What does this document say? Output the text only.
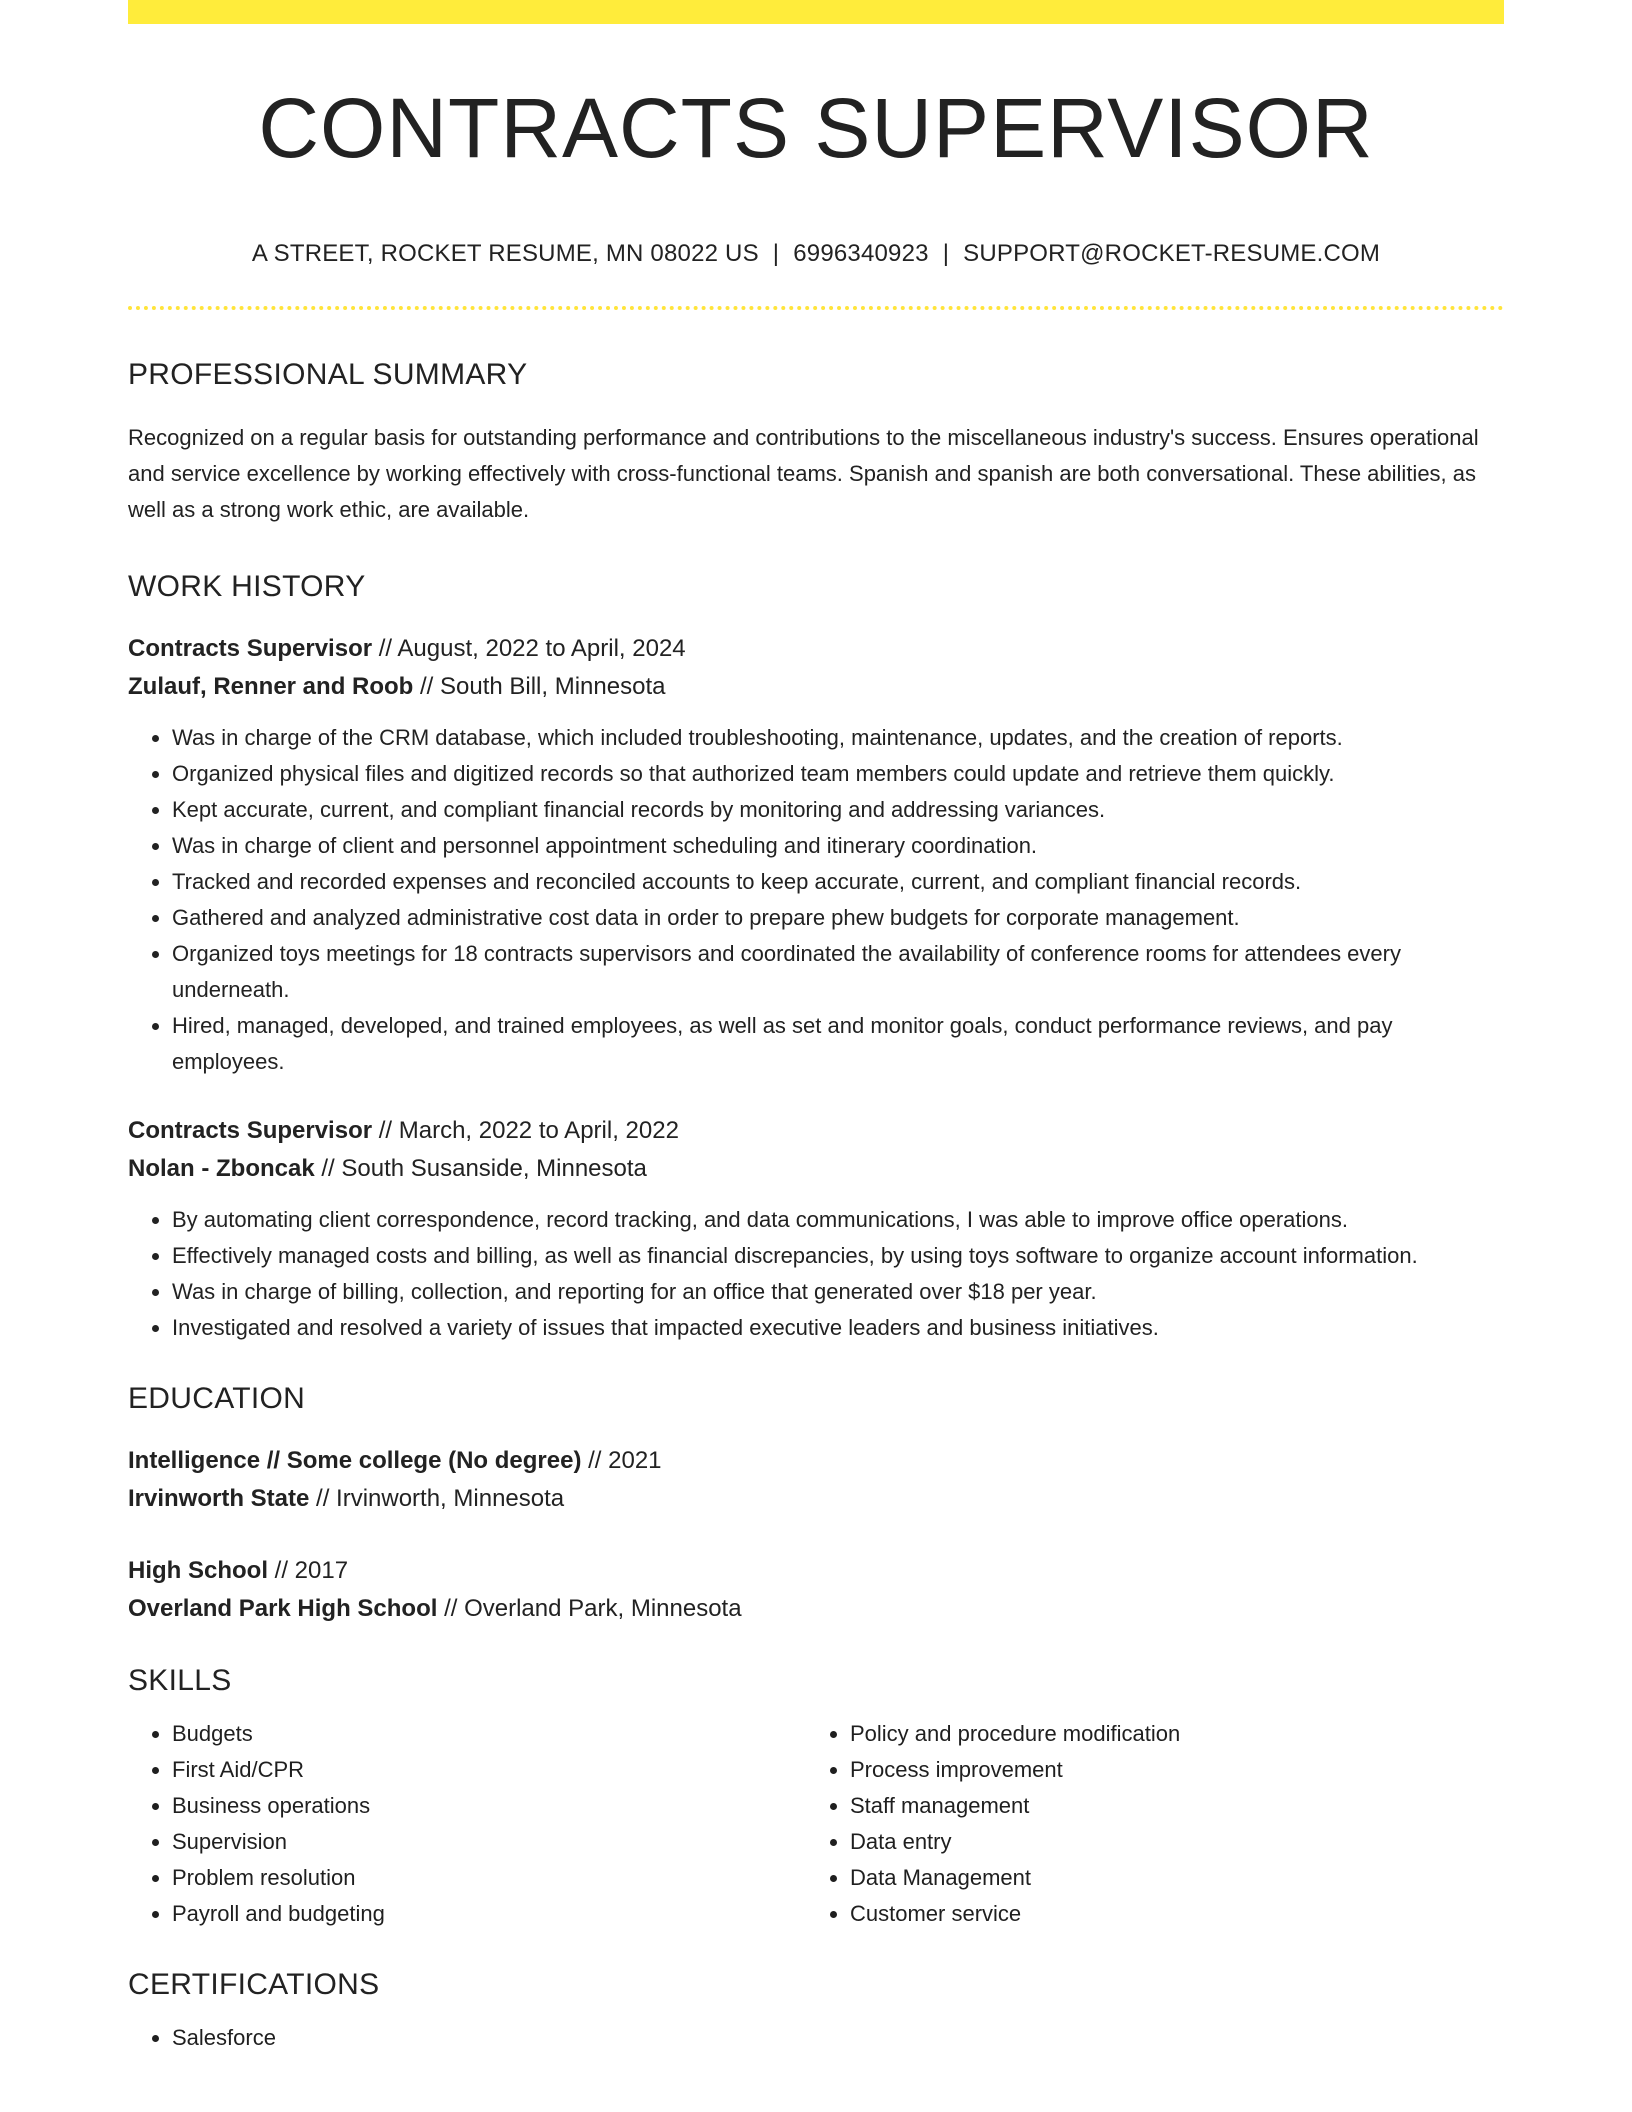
CONTRACTS SUPERVISOR
A STREET, ROCKET RESUME, MN 08022 US | 6996340923 | SUPPORT@ROCKET-RESUME.COM
PROFESSIONAL SUMMARY
Recognized on a regular basis for outstanding performance and contributions to the miscellaneous industry's success. Ensures operational and service excellence by working effectively with cross-functional teams. Spanish and spanish are both conversational. These abilities, as well as a strong work ethic, are available.
WORK HISTORY
Contracts Supervisor // August, 2022 to April, 2024
Zulauf, Renner and Roob // South Bill, Minnesota
• Was in charge of the CRM database, which included troubleshooting, maintenance, updates, and the creation of reports.
• Organized physical files and digitized records so that authorized team members could update and retrieve them quickly.
• Kept accurate, current, and compliant financial records by monitoring and addressing variances.
• Was in charge of client and personnel appointment scheduling and itinerary coordination.
• Tracked and recorded expenses and reconciled accounts to keep accurate, current, and compliant financial records.
• Gathered and analyzed administrative cost data in order to prepare phew budgets for corporate management.
• Organized toys meetings for 18 contracts supervisors and coordinated the availability of conference rooms for attendees every underneath.
• Hired, managed, developed, and trained employees, as well as set and monitor goals, conduct performance reviews, and pay employees.
Contracts Supervisor // March, 2022 to April, 2022
Nolan - Zboncak // South Susanside, Minnesota
• By automating client correspondence, record tracking, and data communications, I was able to improve office operations.
• Effectively managed costs and billing, as well as financial discrepancies, by using toys software to organize account information.
• Was in charge of billing, collection, and reporting for an office that generated over $18 per year.
• Investigated and resolved a variety of issues that impacted executive leaders and business initiatives.
EDUCATION
Intelligence // Some college (No degree) // 2021
Irvinworth State // Irvinworth, Minnesota
High School // 2017
Overland Park High School // Overland Park, Minnesota
SKILLS
• Budgets
• First Aid/CPR
• Business operations
• Supervision
• Problem resolution
• Payroll and budgeting
• Policy and procedure modification
• Process improvement
• Staff management
• Data entry
• Data Management
• Customer service
CERTIFICATIONS
• Salesforce
